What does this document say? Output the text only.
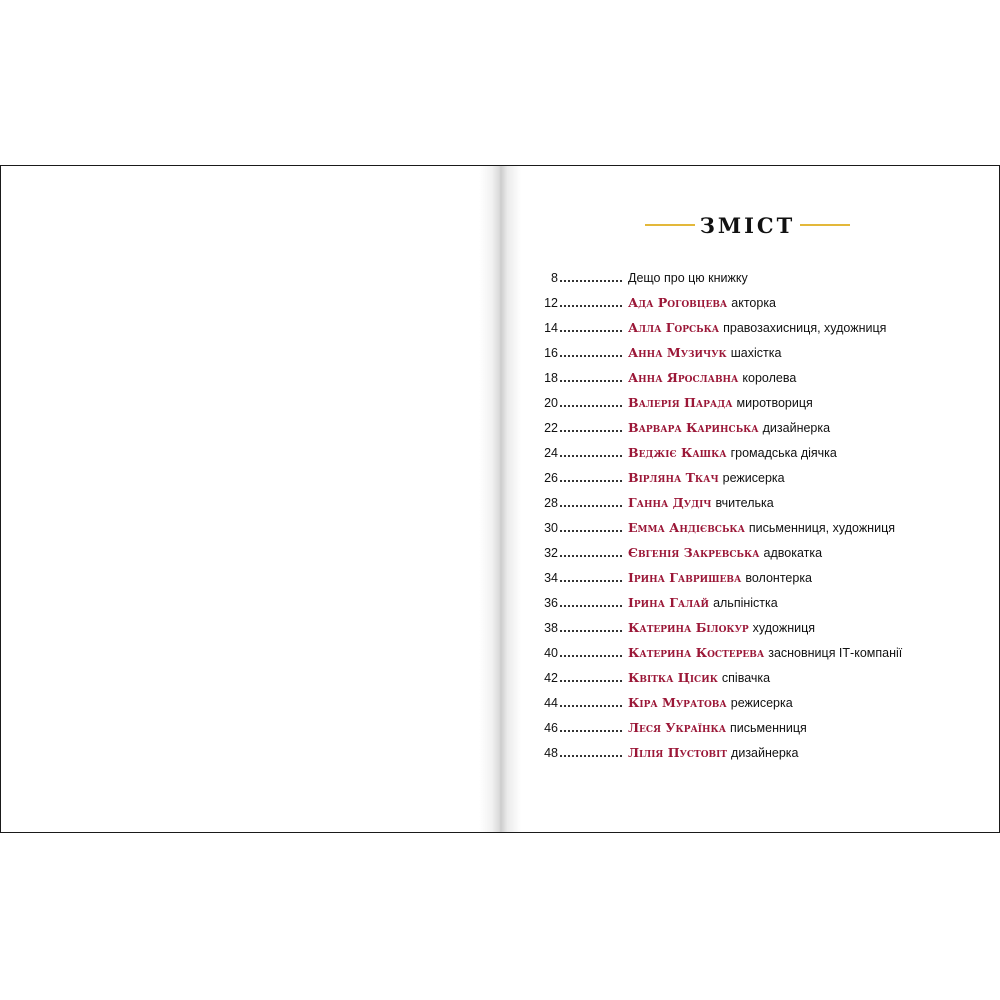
ЗМІСТ
8	Дещо про цю книжку
12	Ада Роговцева акторка
14	Алла Горська правозахисниця, художниця
16	Анна Музичук шахістка
18	Анна Ярославна королева
20	Валерія Парада миротвориця
22	Варвара Каринська дизайнерка
24	Веджіє Кашка громадська діячка
26	Вірляна Ткач режисерка
28	Ганна Дудіч вчителька
30	Емма Андієвська письменниця, художниця
32	Євгенія Закревська адвокатка
34	Ірина Гавришева волонтерка
36	Ірина Галай альпіністка
38	Катерина Білокур художниця
40	Катерина Костерева засновниця ІТ-компанії
42	Квітка Цісик співачка
44	Кіра Муратова режисерка
46	Леся Українка письменниця
48	Лілія Пустовіт дизайнерка
